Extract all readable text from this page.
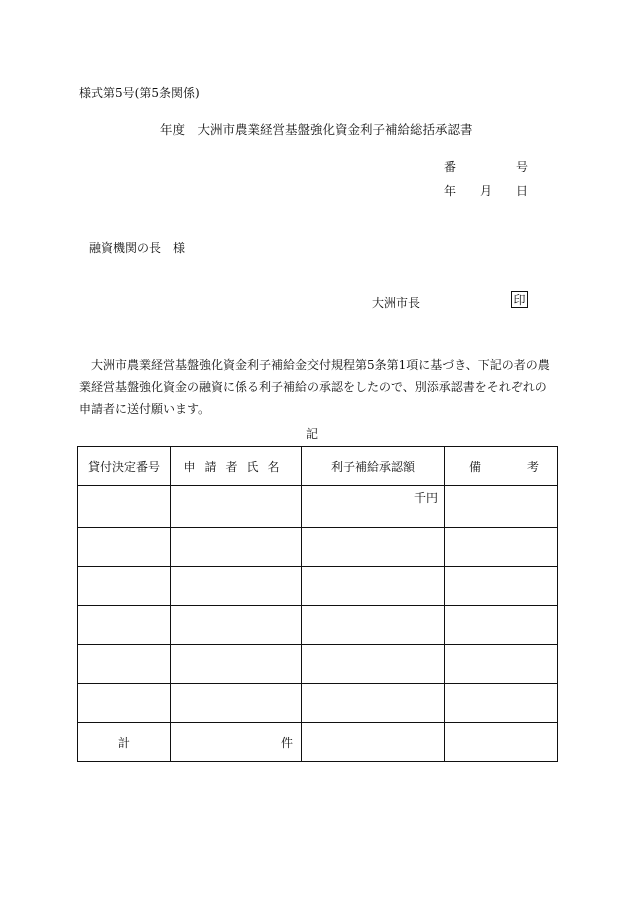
様式第5号(第5条関係)
年度　大洲市農業経営基盤強化資金利子補給総括承認書
番	号
年 月 日
融資機関の長　様
大洲市長	印
大洲市農業経営基盤強化資金利子補給金交付規程第5条第1項に基づき、下記の者の農業経営基盤強化資金の融資に係る利子補給の承認をしたので、別添承認書をそれぞれの申請者に送付願います。
記
貸付決定番号	申請者氏名	利子補給承認額	備 考

		千円	

計	件		
